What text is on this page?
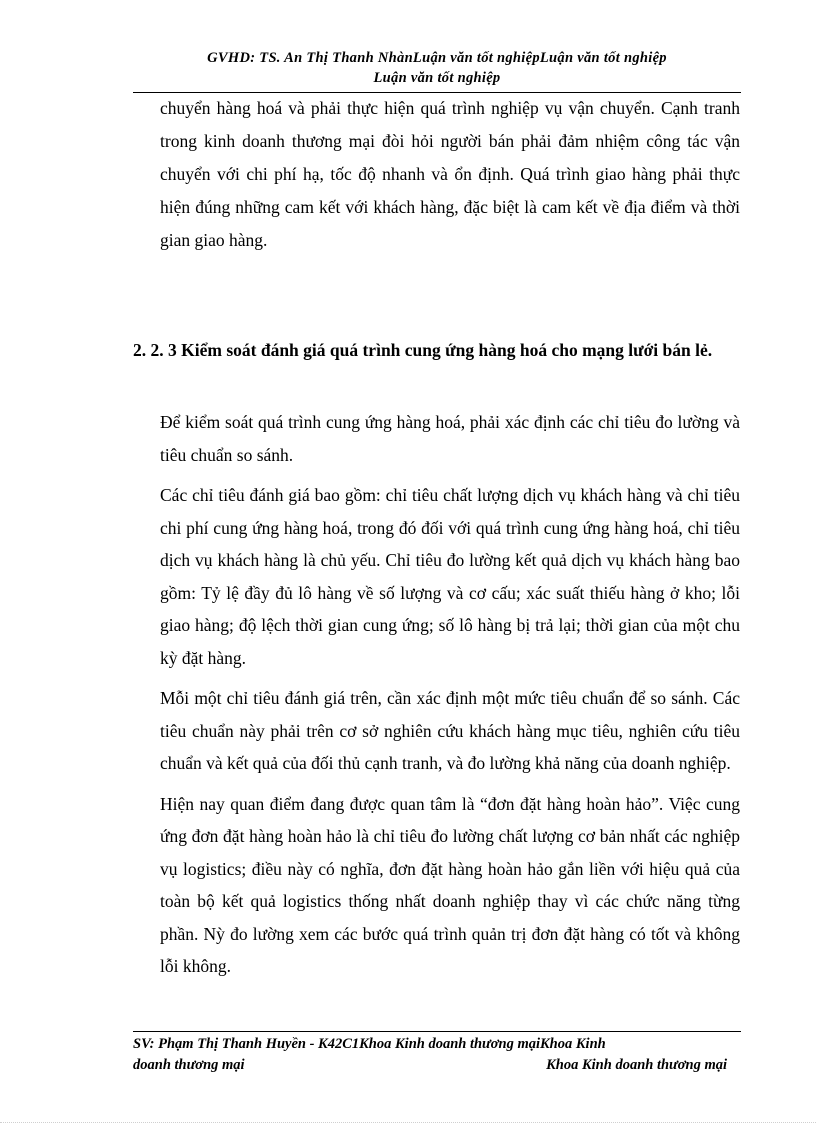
GVHD: TS. An Thị Thanh NhànLuận văn tốt nghiệpLuận văn tốt nghiệp
Luận văn tốt nghiệp

chuyển hàng hoá và phải thực hiện quá trình nghiệp vụ vận chuyển. Cạnh tranh trong kinh doanh thương mại đòi hỏi người bán phải đảm nhiệm công tác vận chuyển với chi phí hạ, tốc độ nhanh và ổn định. Quá trình giao hàng phải thực hiện đúng những cam kết với khách hàng, đặc biệt là cam kết về địa điểm và thời gian giao hàng.

2. 2. 3 Kiểm soát đánh giá quá trình cung ứng hàng hoá cho mạng lưới bán lẻ.

Để kiểm soát quá trình cung ứng hàng hoá, phải xác định các chỉ tiêu đo lường và tiêu chuẩn so sánh.

Các chỉ tiêu đánh giá bao gồm: chỉ tiêu chất lượng dịch vụ khách hàng và chỉ tiêu chi phí cung ứng hàng hoá, trong đó đối với quá trình cung ứng hàng hoá, chỉ tiêu dịch vụ khách hàng là chủ yếu. Chỉ tiêu đo lường kết quả dịch vụ khách hàng bao gồm: Tỷ lệ đầy đủ lô hàng về số lượng và cơ cấu; xác suất thiếu hàng ở kho; lỗi giao hàng; độ lệch thời gian cung ứng; số lô hàng bị trả lại; thời gian của một chu kỳ đặt hàng.

Mỗi một chỉ tiêu đánh giá trên, cần xác định một mức tiêu chuẩn để so sánh. Các tiêu chuẩn này phải trên cơ sở nghiên cứu khách hàng mục tiêu, nghiên cứu tiêu chuẩn và kết quả của đối thủ cạnh tranh, và đo lường khả năng của doanh nghiệp.

Hiện nay quan điểm đang được quan tâm là “đơn đặt hàng hoàn hảo”. Việc cung ứng đơn đặt hàng hoàn hảo là chỉ tiêu đo lường chất lượng cơ bản nhất các nghiệp vụ logistics; điều này có nghĩa, đơn đặt hàng hoàn hảo gắn liền với hiệu quả của toàn bộ kết quả logistics thống nhất doanh nghiệp thay vì các chức năng từng phần. Nỳ đo lường xem các bước quá trình quản trị đơn đặt hàng có tốt và không lỗi không.

SV: Phạm Thị Thanh Huyền - K42C1Khoa Kinh doanh thương mạiKhoa Kinh
doanh thương mại	Khoa Kinh doanh thương mại
